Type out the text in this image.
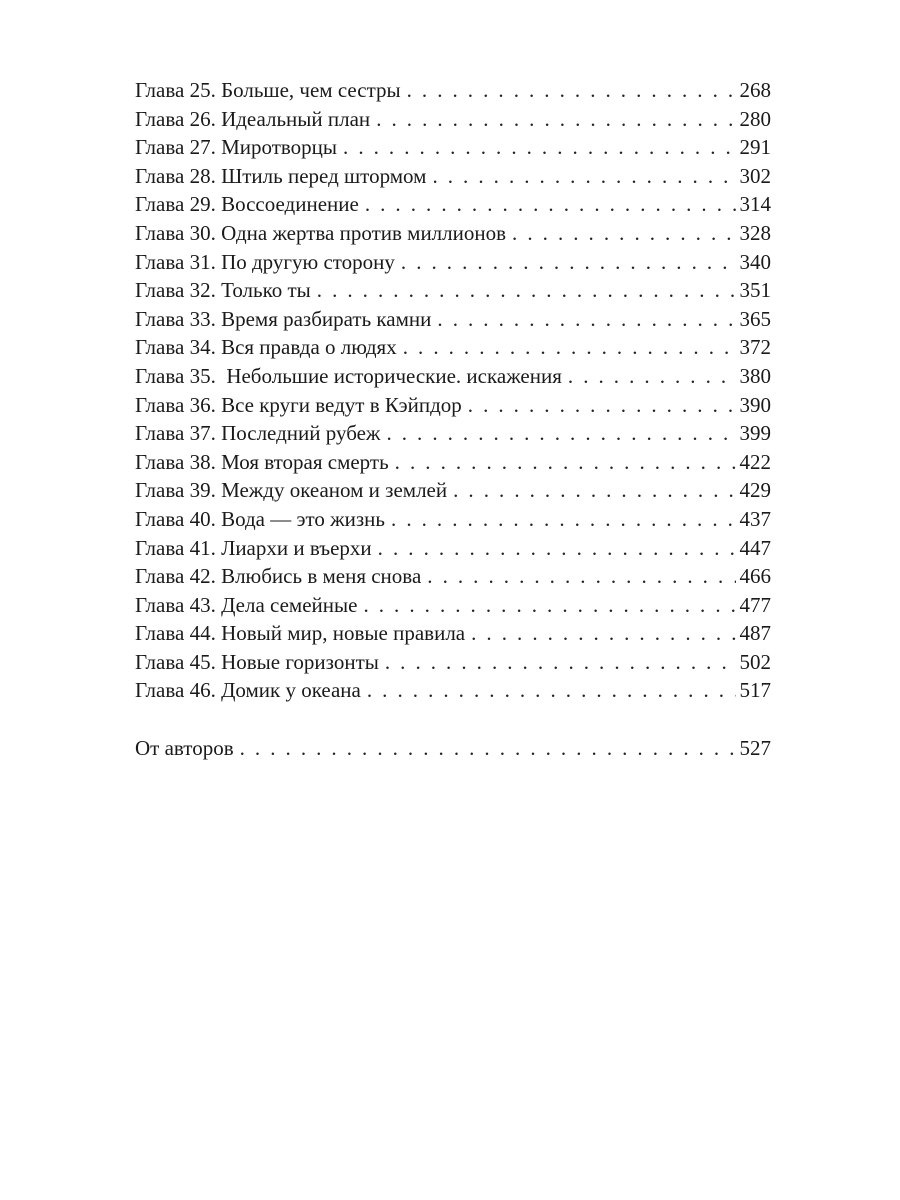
Глава 25. Больше, чем сестры . . .	268
Глава 26. Идеальный план . . .	280
Глава 27. Миротворцы . . .	291
Глава 28. Штиль перед штормом . . .	302
Глава 29. Воссоединение . . .	314
Глава 30. Одна жертва против миллионов . . .	328
Глава 31. По другую сторону . . .	340
Глава 32. Только ты . . .	351
Глава 33. Время разбирать камни . . .	365
Глава 34. Вся правда о людях . . .	372
Глава 35.  Небольшие исторические. искажения . . .	380
Глава 36. Все круги ведут в Кэйпдор . . .	390
Глава 37. Последний рубеж . . .	399
Глава 38. Моя вторая смерть . . .	422
Глава 39. Между океаном и землей . . .	429
Глава 40. Вода — это жизнь . . .	437
Глава 41. Лиархи и въерхи . . .	447
Глава 42. Влюбись в меня снова . . .	466
Глава 43. Дела семейные . . .	477
Глава 44. Новый мир, новые правила . . .	487
Глава 45. Новые горизонты . . .	502
Глава 46. Домик у океана . . .	517
От авторов . . .	527
